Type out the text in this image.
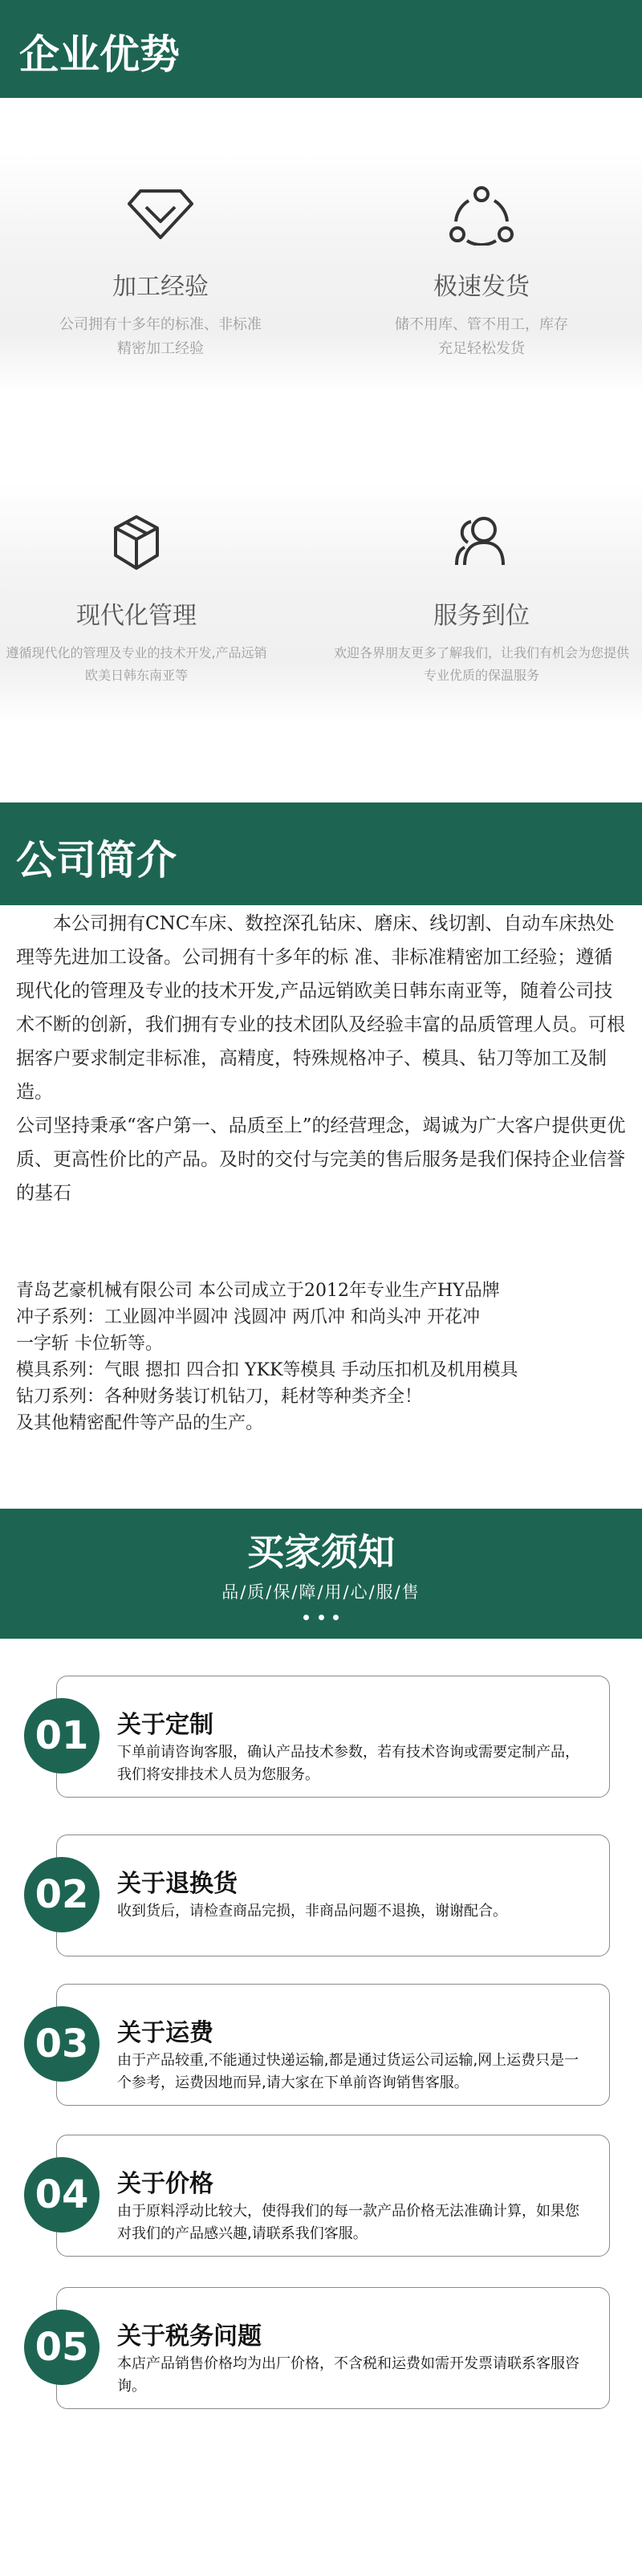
企业优势
加工经验
公司拥有十多年的标准、非标准
精密加工经验
极速发货
储不用库、管不用工，库存
充足轻松发货
现代化管理
遵循现代化的管理及专业的技术开发,产品远销
欧美日韩东南亚等
服务到位
欢迎各界朋友更多了解我们，让我们有机会为您提供
专业优质的保温服务
公司简介

本公司拥有CNC车床、数控深孔钻床、磨床、线切割、自动车床热处理等先进加工设备。公司拥有十多年的标 准、非标准精密加工经验；遵循现代化的管理及专业的技术开发,产品远销欧美日韩东南亚等，随着公司技术不断的创新，我们拥有专业的技术团队及经验丰富的品质管理人员。可根据客户要求制定非标准，高精度，特殊规格冲子、模具、钻刀等加工及制造。

公司坚持秉承“客户第一、品质至上”的经营理念，竭诚为广大客户提供更优质、更高性价比的产品。及时的交付与完美的售后服务是我们保持企业信誉的基石

青岛艺豪机械有限公司 本公司成立于2012年专业生产HY品牌
冲子系列：工业圆冲半圆冲 浅圆冲 两爪冲 和尚头冲 开花冲
一字斩 卡位斩等。
模具系列：气眼 摁扣 四合扣 YKK等模具 手动压扣机及机用模具
钻刀系列：各种财务装订机钻刀，耗材等种类齐全！
及其他精密配件等产品的生产。
买家须知
品/质/保/障/用/心/服/售

01	关于定制
下单前请咨询客服，确认产品技术参数，若有技术咨询或需要定制产品，我们将安排技术人员为您服务。
02	关于退换货
收到货后，请检查商品完损，非商品问题不退换，谢谢配合。
03	关于运费
由于产品较重,不能通过快递运输,都是通过货运公司运输,网上运费只是一个参考，运费因地而异,请大家在下单前咨询销售客服。
04	关于价格
由于原料浮动比较大，使得我们的每一款产品价格无法准确计算，如果您对我们的产品感兴趣,请联系我们客服。
05	关于税务问题
本店产品销售价格均为出厂价格，不含税和运费如需开发票请联系客服咨询。
